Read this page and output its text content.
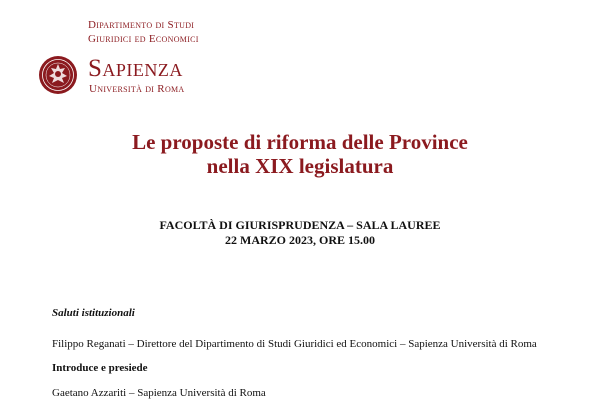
Dipartimento di Studi
Giuridici ed Economici
Sapienza
Università di Roma
Le proposte di riforma delle Province
nella XIX legislatura
FACOLTÀ DI GIURISPRUDENZA – SALA LAUREE
22 MARZO 2023, ORE 15.00
Saluti istituzionali
Filippo Reganati – Direttore del Dipartimento di Studi Giuridici ed Economici – Sapienza Università di Roma
Introduce e presiede
Gaetano Azzariti – Sapienza Università di Roma
